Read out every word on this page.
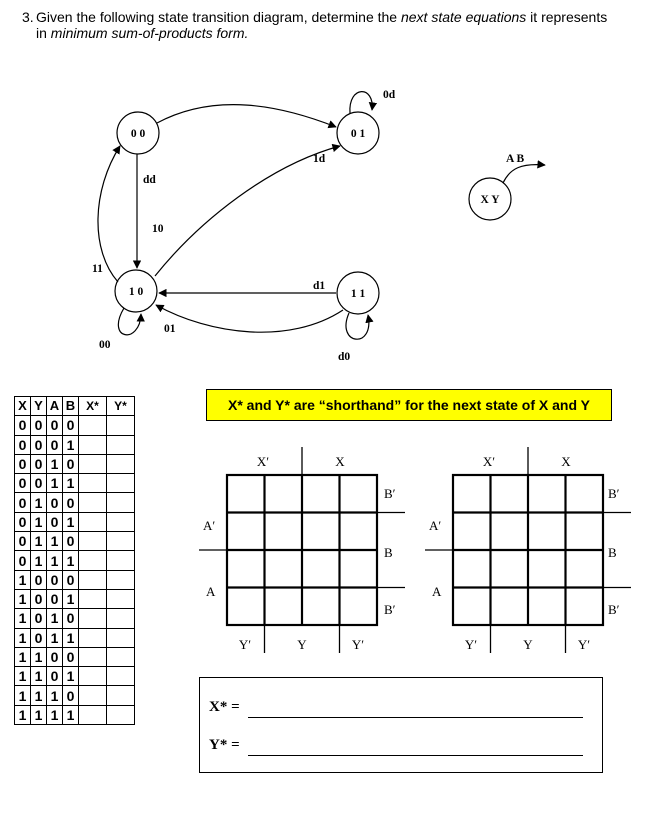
3. Given the following state transition diagram, determine the next state equations it represents
in minimum sum-of-products form.
0 0	0 1
1 0	1 1
X Y
A B
dd
1d
0d
10
11
00
d1
01
d0
X	Y	A	B	X*	Y*
0	0	0	0		
0	0	0	1		
0	0	1	0		
0	0	1	1		
0	1	0	0		
0	1	0	1		
0	1	1	0		
0	1	1	1		
1	0	0	0		
1	0	0	1		
1	0	1	0		
1	0	1	1		
1	1	0	0		
1	1	0	1		
1	1	1	0		
1	1	1	1		
X* and Y* are “shorthand” for the next state of X and Y
X′	X
A′
A
B′
B
B′
Y′	Y	Y′
X′	X
A′
A
B′
B
B′
Y′	Y	Y′
X* =
Y* =
